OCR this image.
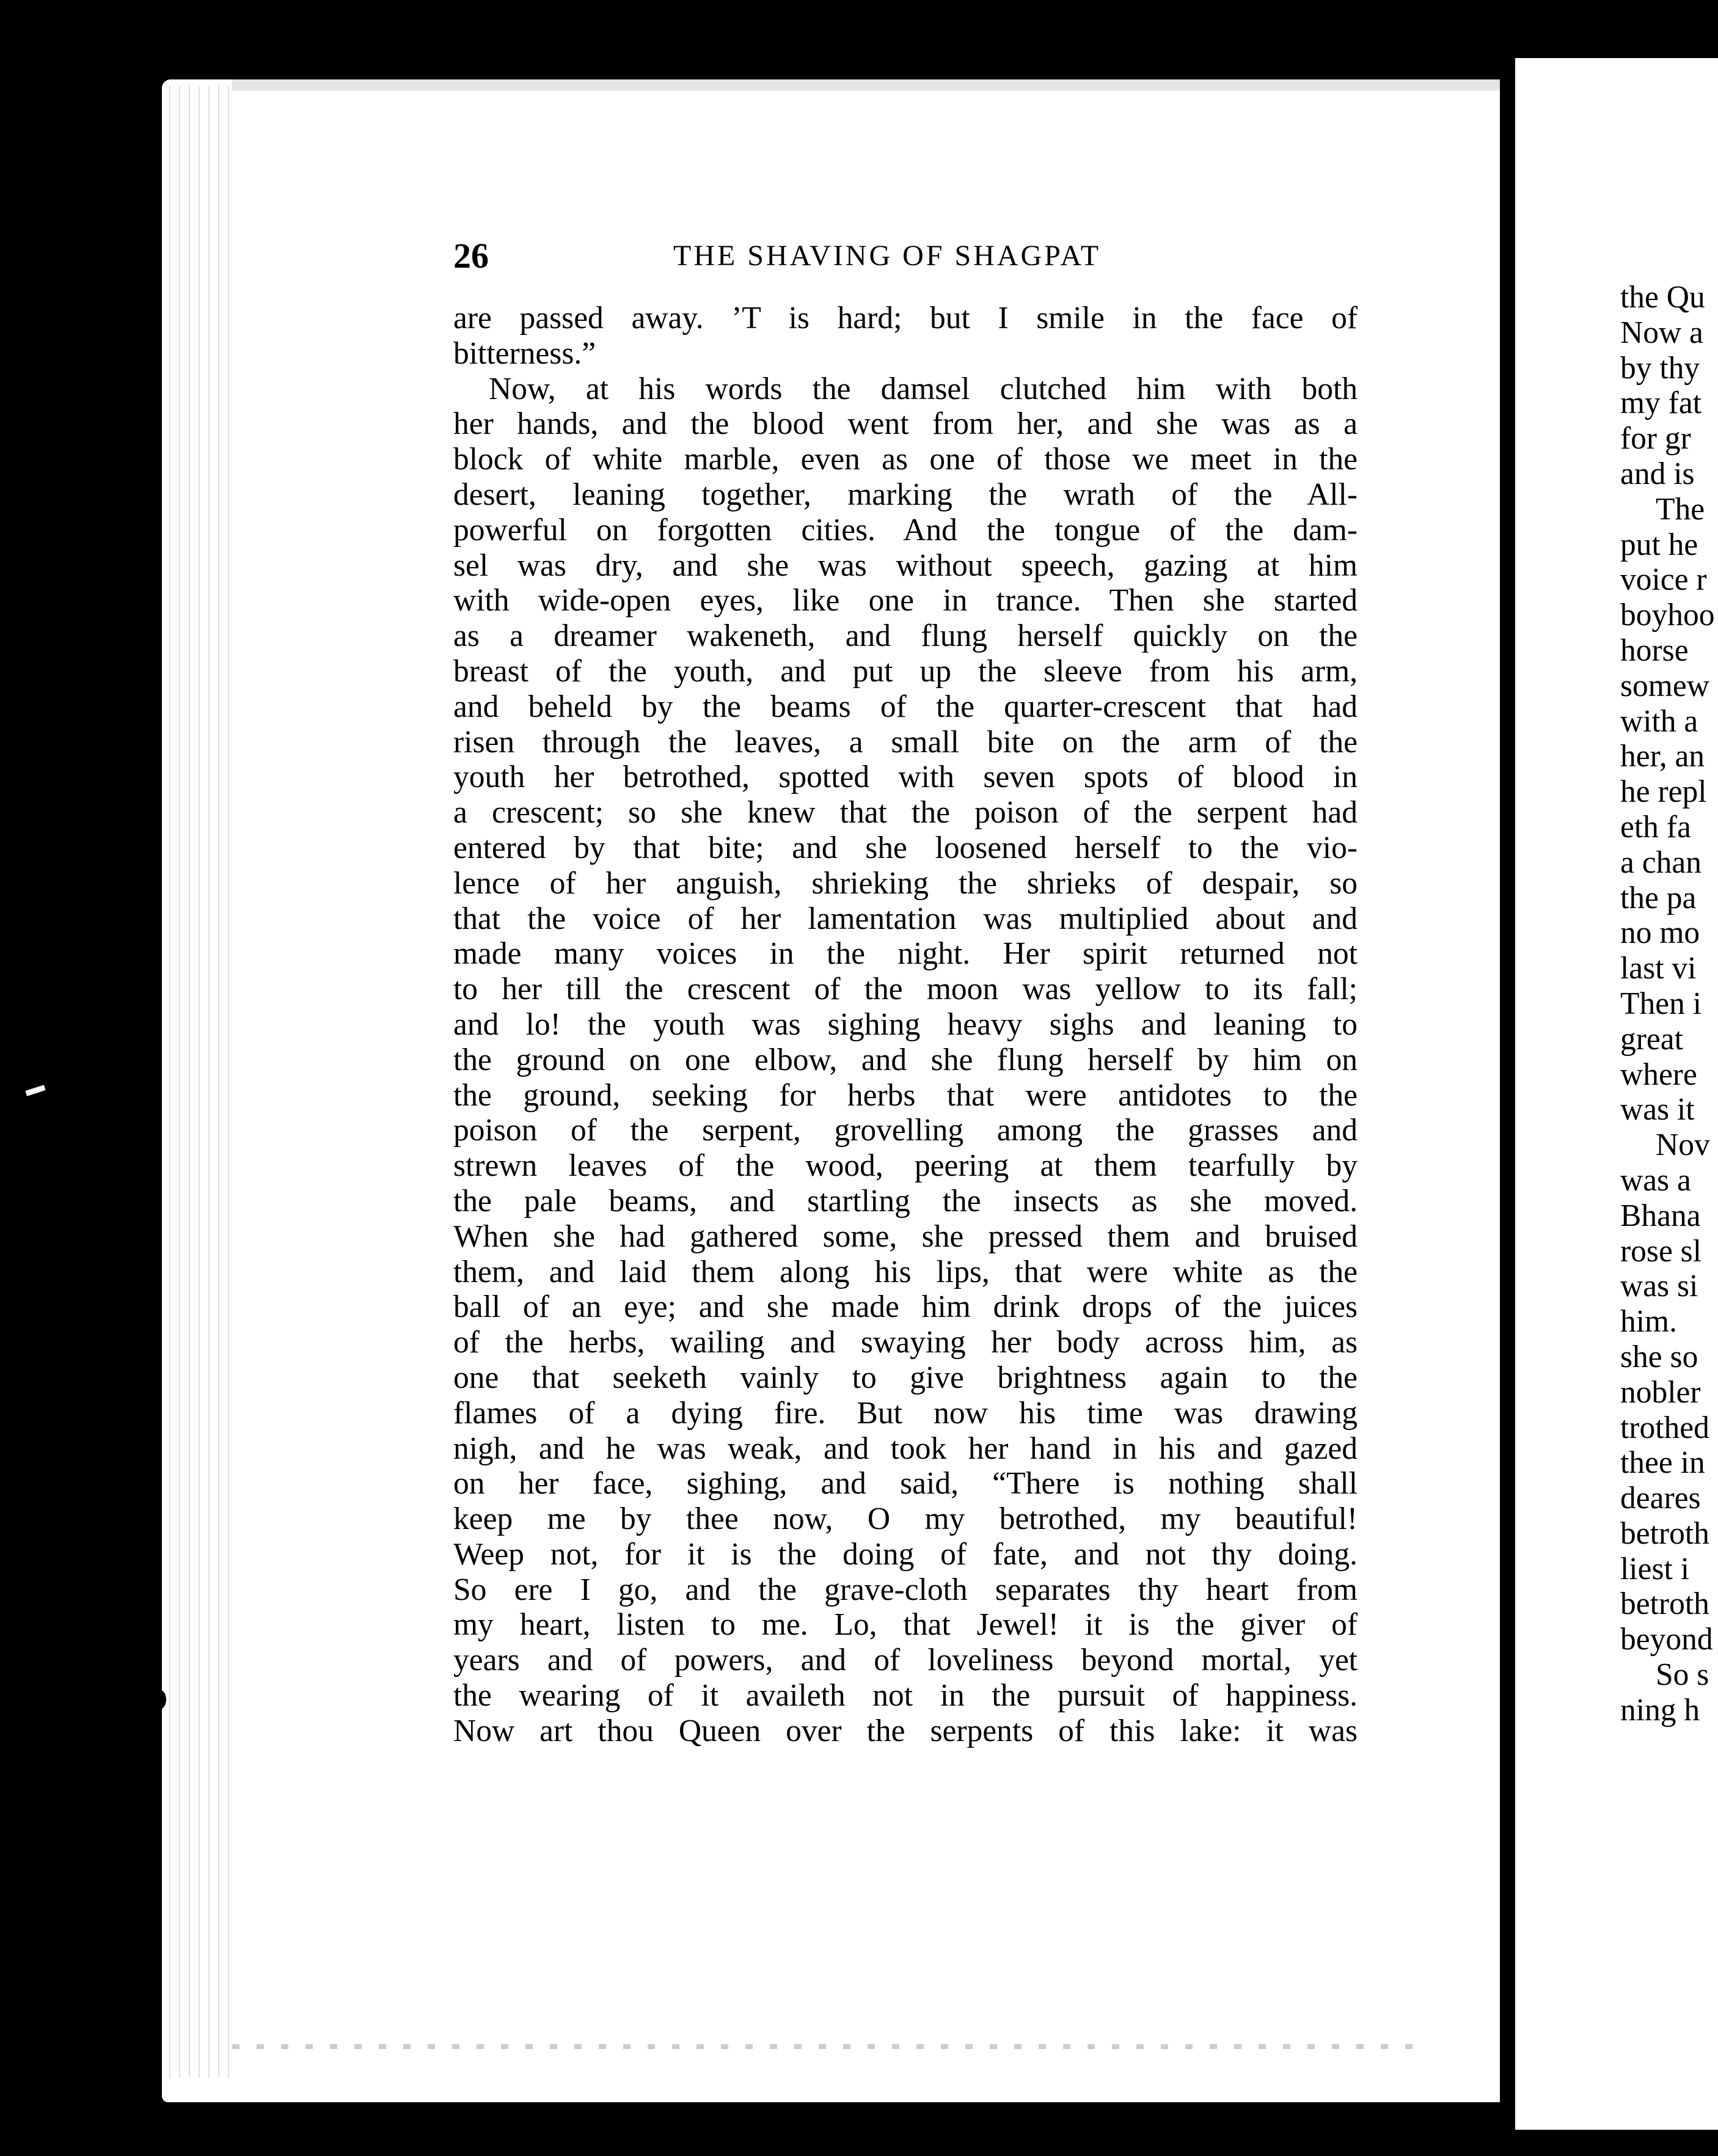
26	THE SHAVING OF SHAGPAT
are passed away. ’T is hard; but I smile in the face of
bitterness.”
Now, at his words the damsel clutched him with both
her hands, and the blood went from her, and she was as a
block of white marble, even as one of those we meet in the
desert, leaning together, marking the wrath of the All-
powerful on forgotten cities. And the tongue of the dam-
sel was dry, and she was without speech, gazing at him
with wide-open eyes, like one in trance. Then she started
as a dreamer wakeneth, and flung herself quickly on the
breast of the youth, and put up the sleeve from his arm,
and beheld by the beams of the quarter-crescent that had
risen through the leaves, a small bite on the arm of the
youth her betrothed, spotted with seven spots of blood in
a crescent; so she knew that the poison of the serpent had
entered by that bite; and she loosened herself to the vio-
lence of her anguish, shrieking the shrieks of despair, so
that the voice of her lamentation was multiplied about and
made many voices in the night. Her spirit returned not
to her till the crescent of the moon was yellow to its fall;
and lo! the youth was sighing heavy sighs and leaning to
the ground on one elbow, and she flung herself by him on
the ground, seeking for herbs that were antidotes to the
poison of the serpent, grovelling among the grasses and
strewn leaves of the wood, peering at them tearfully by
the pale beams, and startling the insects as she moved.
When she had gathered some, she pressed them and bruised
them, and laid them along his lips, that were white as the
ball of an eye; and she made him drink drops of the juices
of the herbs, wailing and swaying her body across him, as
one that seeketh vainly to give brightness again to the
flames of a dying fire. But now his time was drawing
nigh, and he was weak, and took her hand in his and gazed
on her face, sighing, and said, “There is nothing shall
keep me by thee now, O my betrothed, my beautiful!
Weep not, for it is the doing of fate, and not thy doing.
So ere I go, and the grave-cloth separates thy heart from
my heart, listen to me. Lo, that Jewel! it is the giver of
years and of powers, and of loveliness beyond mortal, yet
the wearing of it availeth not in the pursuit of happiness.
Now art thou Queen over the serpents of this lake: it was
the Qu
Now a
by thy
my fat
for gr
and is
The
put he
voice r
boyhoo
horse
somew
with a
her, an
he repl
eth fa
a chan
the pa
no mo
last vi
Then i
great
where
was it
Nov
was a
Bhana
rose sl
was si
him.
she so
nobler
trothed
thee in
deares
betroth
liest i
betroth
beyond
So s
ning h
